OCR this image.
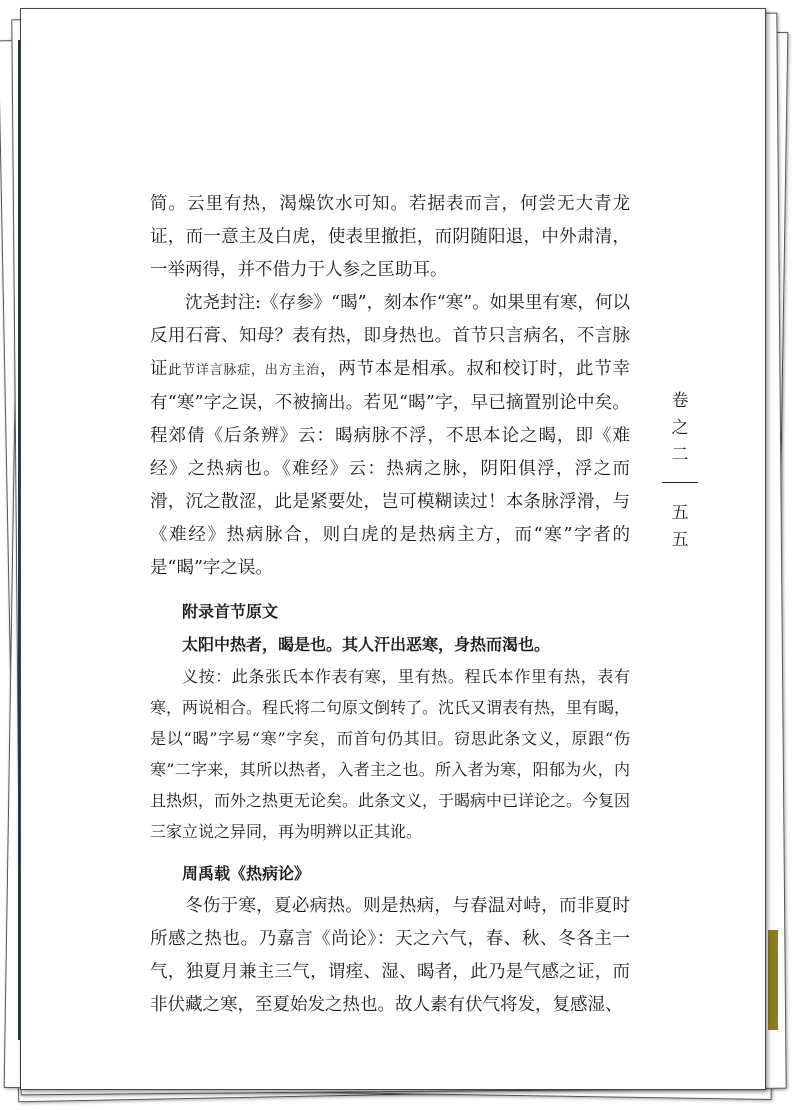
简。云里有热，渴燥饮水可知。若据表而言，何尝无大青龙证，而一意主及白虎，使表里撤拒，而阴随阳退，中外肃清，一举两得，并不借力于人参之匡助耳。

沈尧封注:《存参》“暍”，刻本作“寒”。如果里有寒，何以反用石膏、知母？表有热，即身热也。首节只言病名，不言脉证此节详言脉症，出方主治，两节本是相承。叔和校订时，此节幸有“寒”字之误，不被摘出。若见“暍”字，早已摘置别论中矣。程郊倩《后条辨》云：暍病脉不浮，不思本论之暍，即《难经》之热病也。《难经》云：热病之脉，阴阳俱浮，浮之而滑，沉之散涩，此是紧要处，岂可模糊读过！本条脉浮滑，与《难经》热病脉合，则白虎的是热病主方，而“寒”字者的是“暍”字之误。

附录首节原文

太阳中热者，暍是也。其人汗出恶寒，身热而渴也。

义按：此条张氏本作表有寒，里有热。程氏本作里有热，表有寒，两说相合。程氏将二句原文倒转了。沈氏又谓表有热，里有暍，是以“暍”字易“寒”字矣，而首句仍其旧。窃思此条文义，原跟“伤寒”二字来，其所以热者，入者主之也。所入者为寒，阳郁为火，内且热炽，而外之热更无论矣。此条文义，于暍病中已详论之。今复因三家立说之异同，再为明辨以正其讹。

周禹载《热病论》

冬伤于寒，夏必病热。则是热病，与春温对峙，而非夏时所感之热也。乃嘉言《尚论》：天之六气，春、秋、冬各主一气，独夏月兼主三气，谓痓、湿、暍者，此乃是气感之证，而非伏藏之寒，至夏始发之热也。故人素有伏气将发，复感湿、

卷
之
二
五
五
